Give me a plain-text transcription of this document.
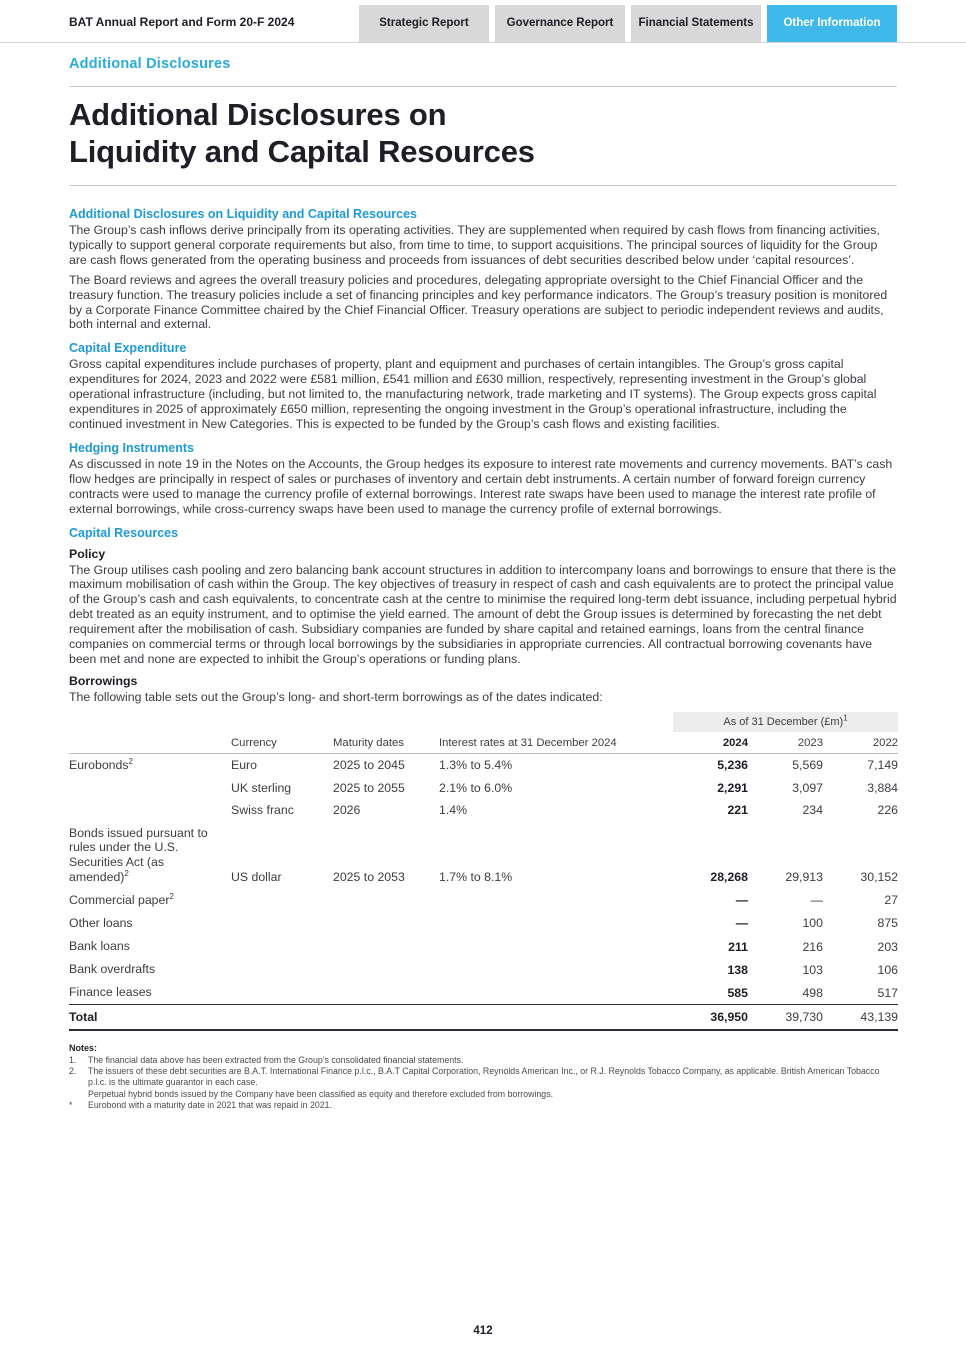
BAT Annual Report and Form 20-F 2024	Strategic Report	Governance Report	Financial Statements	Other Information
Additional Disclosures
Additional Disclosures on
Liquidity and Capital Resources
Additional Disclosures on Liquidity and Capital Resources

The Group’s cash inflows derive principally from its operating activities. They are supplemented when required by cash flows from financing activities, typically to support general corporate requirements but also, from time to time, to support acquisitions. The principal sources of liquidity for the Group are cash flows generated from the operating business and proceeds from issuances of debt securities described below under ‘capital resources’.

The Board reviews and agrees the overall treasury policies and procedures, delegating appropriate oversight to the Chief Financial Officer and the treasury function. The treasury policies include a set of financing principles and key performance indicators. The Group’s treasury position is monitored by a Corporate Finance Committee chaired by the Chief Financial Officer. Treasury operations are subject to periodic independent reviews and audits, both internal and external.

Capital Expenditure

Gross capital expenditures include purchases of property, plant and equipment and purchases of certain intangibles. The Group’s gross capital expenditures for 2024, 2023 and 2022 were £581 million, £541 million and £630 million, respectively, representing investment in the Group’s global operational infrastructure (including, but not limited to, the manufacturing network, trade marketing and IT systems). The Group expects gross capital expenditures in 2025 of approximately £650 million, representing the ongoing investment in the Group’s operational infrastructure, including the continued investment in New Categories. This is expected to be funded by the Group’s cash flows and existing facilities.

Hedging Instruments

As discussed in note 19 in the Notes on the Accounts, the Group hedges its exposure to interest rate movements and currency movements. BAT’s cash flow hedges are principally in respect of sales or purchases of inventory and certain debt instruments. A certain number of forward foreign currency contracts were used to manage the currency profile of external borrowings. Interest rate swaps have been used to manage the interest rate profile of external borrowings, while cross-currency swaps have been used to manage the currency profile of external borrowings.

Capital Resources
Policy

The Group utilises cash pooling and zero balancing bank account structures in addition to intercompany loans and borrowings to ensure that there is the maximum mobilisation of cash within the Group. The key objectives of treasury in respect of cash and cash equivalents are to protect the principal value of the Group’s cash and cash equivalents, to concentrate cash at the centre to minimise the required long-term debt issuance, including perpetual hybrid debt treated as an equity instrument, and to optimise the yield earned. The amount of debt the Group issues is determined by forecasting the net debt requirement after the mobilisation of cash. Subsidiary companies are funded by share capital and retained earnings, loans from the central finance companies on commercial terms or through local borrowings by the subsidiaries in appropriate currencies. All contractual borrowing covenants have been met and none are expected to inhibit the Group’s operations or funding plans.

Borrowings

The following table sets out the Group’s long- and short-term borrowings as of the dates indicated:

				As of 31 December (£m)$^1$
	Currency	Maturity dates	Interest rates at 31 December 2024	2024	2023	2022
Eurobonds$^2$	Euro	2025 to 2045	1.3% to 5.4%	5,236	5,569	7,149
	UK sterling	2025 to 2055	2.1% to 6.0%	2,291	3,097	3,884
	Swiss franc	2026	1.4%	221	234	226
Bonds issued pursuant to rules under the U.S. Securities Act (as amended)$^2$	US dollar	2025 to 2053	1.7% to 8.1%	28,268	29,913	30,152
Commercial paper$^2$				—	—	27
Other loans				—	100	875
Bank loans				211	216	203
Bank overdrafts				138	103	106
Finance leases				585	498	517
Total				36,950	39,730	43,139
Notes:
1.	The financial data above has been extracted from the Group’s consolidated financial statements.
2.	The issuers of these debt securities are B.A.T. International Finance p.l.c., B.A.T Capital Corporation, Reynolds American Inc., or R.J. Reynolds Tobacco Company, as applicable. British American Tobacco p.l.c. is the ultimate guarantor in each case.
Perpetual hybrid bonds issued by the Company have been classified as equity and therefore excluded from borrowings.
*	Eurobond with a maturity date in 2021 that was repaid in 2021.
412
